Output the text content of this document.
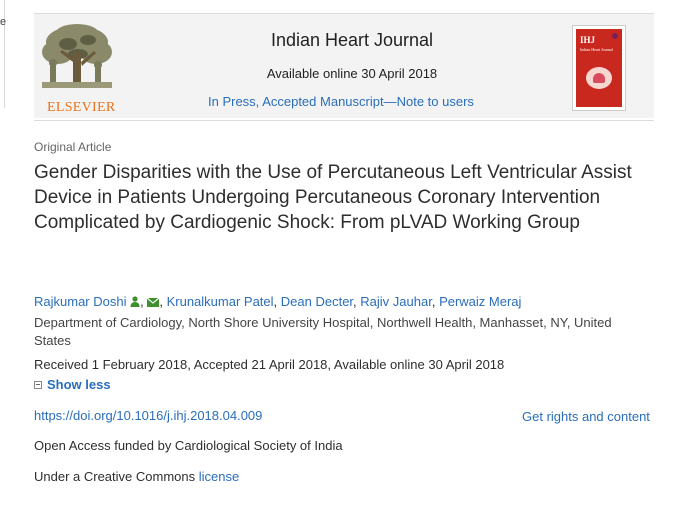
e
ELSEVIER
Indian Heart Journal
Available online 30 April 2018
In Press, Accepted Manuscript—Note to users
IHJ
Indian Heart Journal
Original Article
Gender Disparities with the Use of Percutaneous Left Ventricular Assist Device in Patients Undergoing Percutaneous Coronary Intervention Complicated by Cardiogenic Shock: From pLVAD Working Group
Rajkumar Doshi , , Krunalkumar Patel, Dean Decter, Rajiv Jauhar, Perwaiz Meraj
Department of Cardiology, North Shore University Hospital, Northwell Health, Manhasset, NY, United States
Received 1 February 2018, Accepted 21 April 2018, Available online 30 April 2018
Show less
https://doi.org/10.1016/j.ihj.2018.04.009	Get rights and content
Open Access funded by Cardiological Society of India
Under a Creative Commons license
